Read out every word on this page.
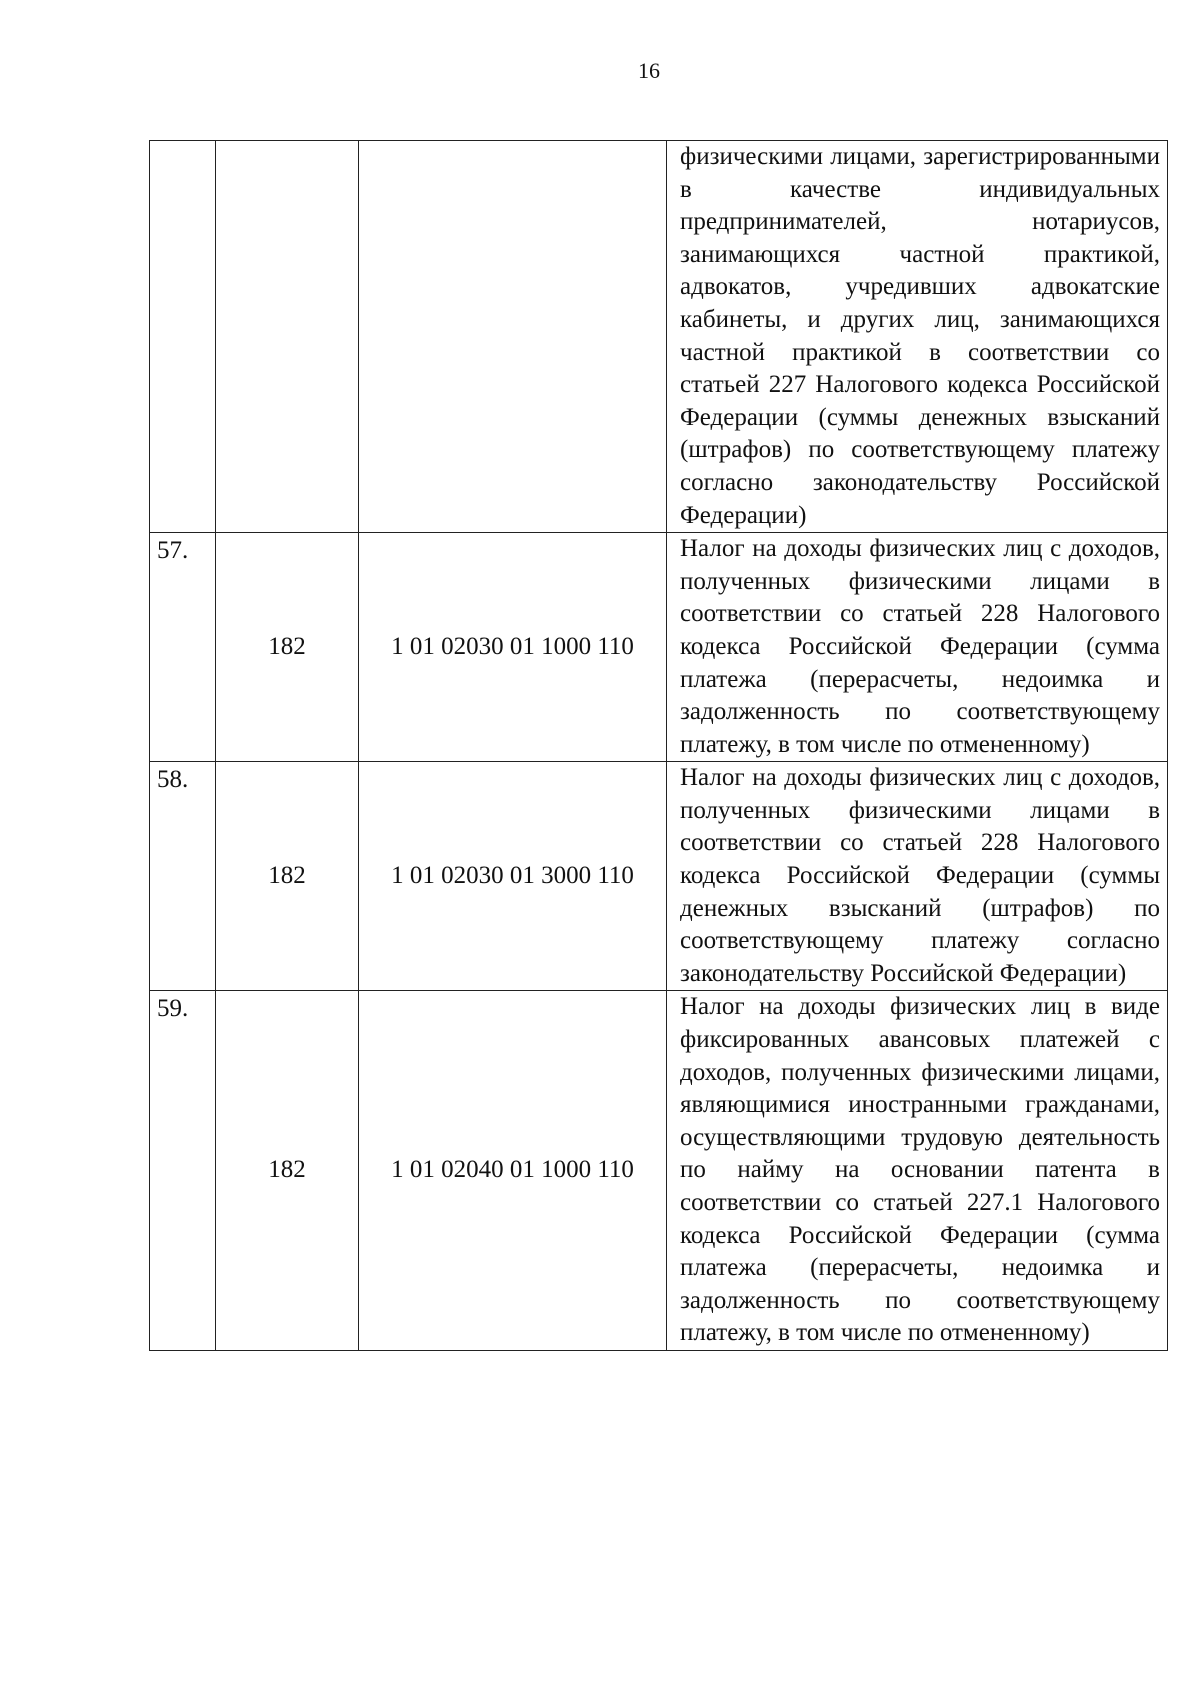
16
			физическими лицами, зарегистрированными в качестве индивидуальных предпринимателей, нотариусов, занимающихся частной практикой, адвокатов, учредивших адвокатские кабинеты, и других лиц, занимающихся частной практикой в соответствии со статьей 227 Налогового кодекса Российской Федерации (суммы денежных взысканий (штрафов) по соответствующему платежу согласно законодательству Российской Федерации)
57.	182	1 01 02030 01 1000 110	Налог на доходы физических лиц с доходов, полученных физическими лицами в соответствии со статьей 228 Налогового кодекса Российской Федерации (сумма платежа (перерасчеты, недоимка и задолженность по соответствующему платежу, в том числе по отмененному)
58.	182	1 01 02030 01 3000 110	Налог на доходы физических лиц с доходов, полученных физическими лицами в соответствии со статьей 228 Налогового кодекса Российской Федерации (суммы денежных взысканий (штрафов) по соответствующему платежу согласно законодательству Российской Федерации)
59.	182	1 01 02040 01 1000 110	Налог на доходы физических лиц в виде фиксированных авансовых платежей с доходов, полученных физическими лицами, являющимися иностранными гражданами, осуществляющими трудовую деятельность по найму на основании патента в соответствии со статьей 227.1 Налогового кодекса Российской Федерации (сумма платежа (перерасчеты, недоимка и задолженность по соответствующему платежу, в том числе по отмененному)
